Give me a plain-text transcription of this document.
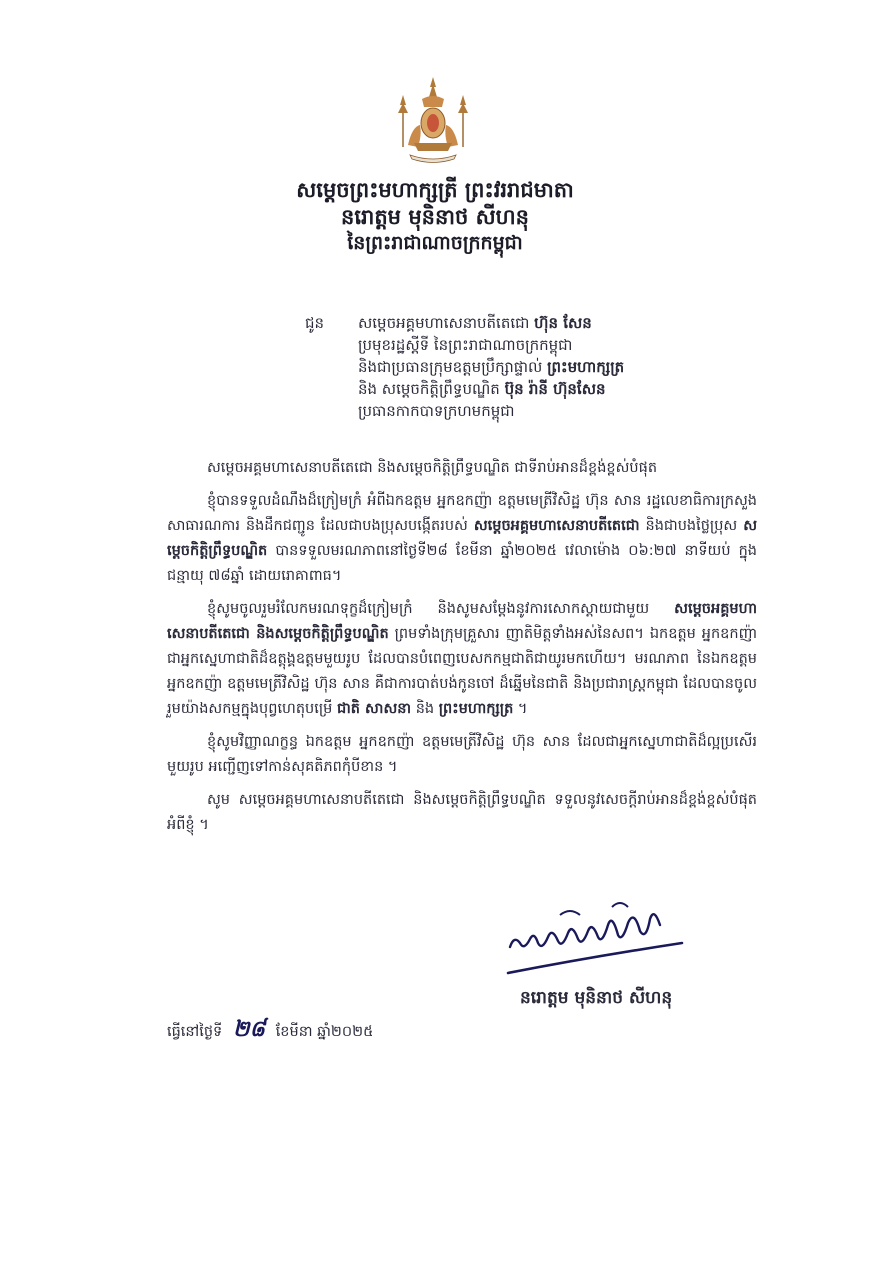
សម្តេចព្រះមហាក្សត្រី ព្រះវររាជមាតា
នរោត្តម មុនិនាថ សីហនុ
នៃព្រះរាជាណាចក្រកម្ពុជា
ជូន	សម្តេចអគ្គមហាសេនាបតីតេជោ ហ៊ុន សែន
ប្រមុខរដ្ឋស្តីទី នៃព្រះរាជាណាចក្រកម្ពុជា
និងជាប្រធានក្រុមឧត្តមប្រឹក្សាផ្ទាល់ ព្រះមហាក្សត្រ
និង សម្តេចកិត្តិព្រឹទ្ធបណ្ឌិត ប៊ុន រ៉ានី ហ៊ុនសែន
ប្រធានកាកបាទក្រហមកម្ពុជា

សម្តេចអគ្គមហាសេនាបតីតេជោ និងសម្តេចកិត្តិព្រឹទ្ធបណ្ឌិត ជាទីរាប់អានដ៏ខ្ពង់ខ្ពស់បំផុត

ខ្ញុំបានទទួលដំណឹងដ៏ក្រៀមក្រំ អំពីឯកឧត្តម អ្នកឧកញ៉ា ឧត្តមមេត្រីវិសិដ្ឋ ហ៊ុន សាន រដ្ឋលេខាធិការក្រសួងសាធារណការ និងដឹកជញ្ជូន ដែលជាបងប្រុសបង្កើតរបស់ សម្តេចអគ្គមហាសេនាបតីតេជោ និងជាបងថ្លៃប្រុស សម្តេចកិត្តិព្រឹទ្ធបណ្ឌិត បានទទួលមរណភាពនៅថ្ងៃទី២៨ ខែមីនា ឆ្នាំ២០២៥ វេលាម៉ោង ០៦:២៧ នាទីយប់ ក្នុងជន្មាយុ ៧៨ឆ្នាំ ដោយរោគាពាធ។

ខ្ញុំសូមចូលរួមរំលែកមរណទុក្ខដ៏ក្រៀមក្រំ និងសូមសម្តែងនូវការសោកស្តាយជាមួយ សម្តេចអគ្គមហាសេនាបតីតេជោ និងសម្តេចកិត្តិព្រឹទ្ធបណ្ឌិត ព្រមទាំងក្រុមគ្រួសារ ញាតិមិត្តទាំងអស់នៃសព។ ឯកឧត្តម អ្នកឧកញ៉ា ជាអ្នកស្នេហាជាតិដ៏ឧត្តុង្គឧត្តមមួយរូប ដែលបានបំពេញបេសកកម្មជាតិជាយូរមកហើយ។ មរណភាព នៃឯកឧត្តម អ្នកឧកញ៉ា ឧត្តមមេត្រីវិសិដ្ឋ ហ៊ុន សាន គឺជាការបាត់បង់កូនចៅ ដ៏ឆ្នើមនៃជាតិ និងប្រជារាស្ត្រកម្ពុជា ដែលបានចូលរួមយ៉ាងសកម្មក្នុងបុព្វហេតុបម្រើ ជាតិ សាសនា និង ព្រះមហាក្សត្រ ។

ខ្ញុំសូមវិញ្ញាណក្ខន្ធ ឯកឧត្តម អ្នកឧកញ៉ា ឧត្តមមេត្រីវិសិដ្ឋ ហ៊ុន សាន ដែលជាអ្នកស្នេហាជាតិដ៏ល្អប្រសើរមួយរូប អញ្ជើញទៅកាន់សុគតិភពកុំបីខាន ។

សូម សម្តេចអគ្គមហាសេនាបតីតេជោ និងសម្តេចកិត្តិព្រឹទ្ធបណ្ឌិត ទទួលនូវសេចក្តីរាប់អានដ៏ខ្ពង់ខ្ពស់បំផុត អំពីខ្ញុំ ។

នរោត្តម មុនិនាថ សីហនុ
ធ្វើនៅថ្ងៃទី ២៨ ខែមីនា ឆ្នាំ២០២៥
